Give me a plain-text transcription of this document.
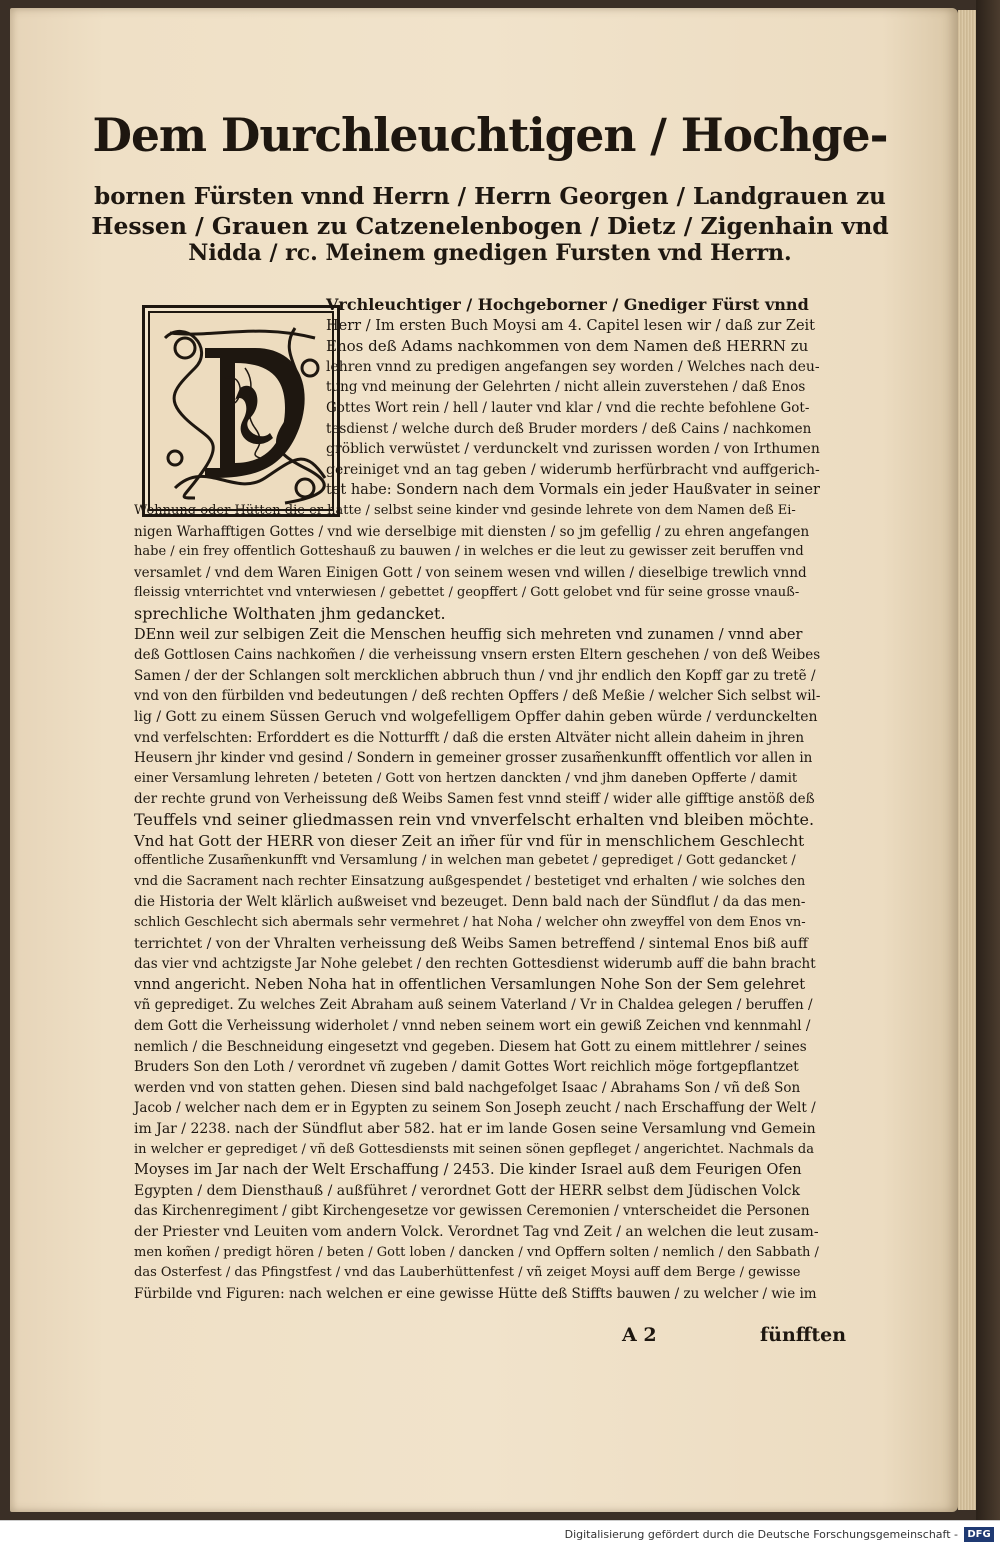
Dem Durchleuchtigen / Hochge-
bornen Fürsten vnnd Herrn / Herrn Georgen / Landgrauen zu
Hessen / Grauen zu Catzenelenbogen / Dietz / Zigenhain vnd
Nidda / rc. Meinem gnedigen Fursten vnd Herrn.
Vrchleuchtiger / Hochgeborner / Gnediger Fürst vnnd
Herr / Im ersten Buch Moysi am 4. Capitel lesen wir / daß zur Zeit
Enos deß Adams nachkommen von dem Namen deß HERRN zu
lehren vnnd zu predigen angefangen sey worden / Welches nach deu-
tung vnd meinung der Gelehrten / nicht allein zuverstehen / daß Enos
Gottes Wort rein / hell / lauter vnd klar / vnd die rechte befohlene Got-
tesdienst / welche durch deß Bruder morders / deß Cains / nachkomen
gröblich verwüstet / verdunckelt vnd zurissen worden / von Irthumen
gereiniget vnd an tag geben / widerumb herfürbracht vnd auffgerich-
tet habe: Sondern nach dem Vormals ein jeder Haußvater in seiner
Wohnung oder Hütten die er hatte / selbst seine kinder vnd gesinde lehrete von dem Namen deß Ei-
nigen Warhafftigen Gottes / vnd wie derselbige mit diensten / so jm gefellig / zu ehren angefangen
habe / ein frey offentlich Gotteshauß zu bauwen / in welches er die leut zu gewisser zeit beruffen vnd
versamlet / vnd dem Waren Einigen Gott / von seinem wesen vnd willen / dieselbige trewlich vnnd
fleissig vnterrichtet vnd vnterwiesen / gebettet / geopffert / Gott gelobet vnd für seine grosse vnauß-
sprechliche Wolthaten jhm gedancket.
DEnn weil zur selbigen Zeit die Menschen heuffig sich mehreten vnd zunamen / vnnd aber
deß Gottlosen Cains nachkom̃en / die verheissung vnsern ersten Eltern geschehen / von deß Weibes
Samen / der der Schlangen solt mercklichen abbruch thun / vnd jhr endlich den Kopff gar zu tretẽ /
vnd von den fürbilden vnd bedeutungen / deß rechten Opffers / deß Meßie / welcher Sich selbst wil-
lig / Gott zu einem Süssen Geruch vnd wolgefelligem Opffer dahin geben würde / verdunckelten
vnd verfelschten: Erforddert es die Notturfft / daß die ersten Altväter nicht allein daheim in jhren
Heusern jhr kinder vnd gesind / Sondern in gemeiner grosser zusam̃enkunfft offentlich vor allen in
einer Versamlung lehreten / beteten / Gott von hertzen danckten / vnd jhm daneben Opfferte / damit
der rechte grund von Verheissung deß Weibs Samen fest vnnd steiff / wider alle gifftige anstöß deß
Teuffels vnd seiner gliedmassen rein vnd vnverfelscht erhalten vnd bleiben möchte.
Vnd hat Gott der HERR von dieser Zeit an im̃er für vnd für in menschlichem Geschlecht
offentliche Zusam̃enkunfft vnd Versamlung / in welchen man gebetet / geprediget / Gott gedancket /
vnd die Sacrament nach rechter Einsatzung außgespendet / bestetiget vnd erhalten / wie solches den
die Historia der Welt klärlich außweiset vnd bezeuget. Denn bald nach der Sündflut / da das men-
schlich Geschlecht sich abermals sehr vermehret / hat Noha / welcher ohn zweyffel von dem Enos vn-
terrichtet / von der Vhralten verheissung deß Weibs Samen betreffend / sintemal Enos biß auff
das vier vnd achtzigste Jar Nohe gelebet / den rechten Gottesdienst widerumb auff die bahn bracht
vnnd angericht. Neben Noha hat in offentlichen Versamlungen Nohe Son der Sem gelehret
vñ geprediget. Zu welches Zeit Abraham auß seinem Vaterland / Vr in Chaldea gelegen / beruffen /
dem Gott die Verheissung widerholet / vnnd neben seinem wort ein gewiß Zeichen vnd kennmahl /
nemlich / die Beschneidung eingesetzt vnd gegeben. Diesem hat Gott zu einem mittlehrer / seines
Bruders Son den Loth / verordnet vñ zugeben / damit Gottes Wort reichlich möge fortgepflantzet
werden vnd von statten gehen. Diesen sind bald nachgefolget Isaac / Abrahams Son / vñ deß Son
Jacob / welcher nach dem er in Egypten zu seinem Son Joseph zeucht / nach Erschaffung der Welt /
im Jar / 2238. nach der Sündflut aber 582. hat er im lande Gosen seine Versamlung vnd Gemein
in welcher er geprediget / vñ deß Gottesdiensts mit seinen sönen gepfleget / angerichtet. Nachmals da
Moyses im Jar nach der Welt Erschaffung / 2453. Die kinder Israel auß dem Feurigen Ofen
Egypten / dem Diensthauß / außführet / verordnet Gott der HERR selbst dem Jüdischen Volck
das Kirchenregiment / gibt Kirchengesetze vor gewissen Ceremonien / vnterscheidet die Personen
der Priester vnd Leuiten vom andern Volck. Verordnet Tag vnd Zeit / an welchen die leut zusam-
men kom̃en / predigt hören / beten / Gott loben / dancken / vnd Opffern solten / nemlich / den Sabbath /
das Osterfest / das Pfingstfest / vnd das Lauberhüttenfest / vñ zeiget Moysi auff dem Berge / gewisse
Fürbilde vnd Figuren: nach welchen er eine gewisse Hütte deß Stiffts bauwen / zu welcher / wie im
A 2	fünfften
Digitalisierung gefördert durch die Deutsche Forschungsgemeinschaft - DFG
